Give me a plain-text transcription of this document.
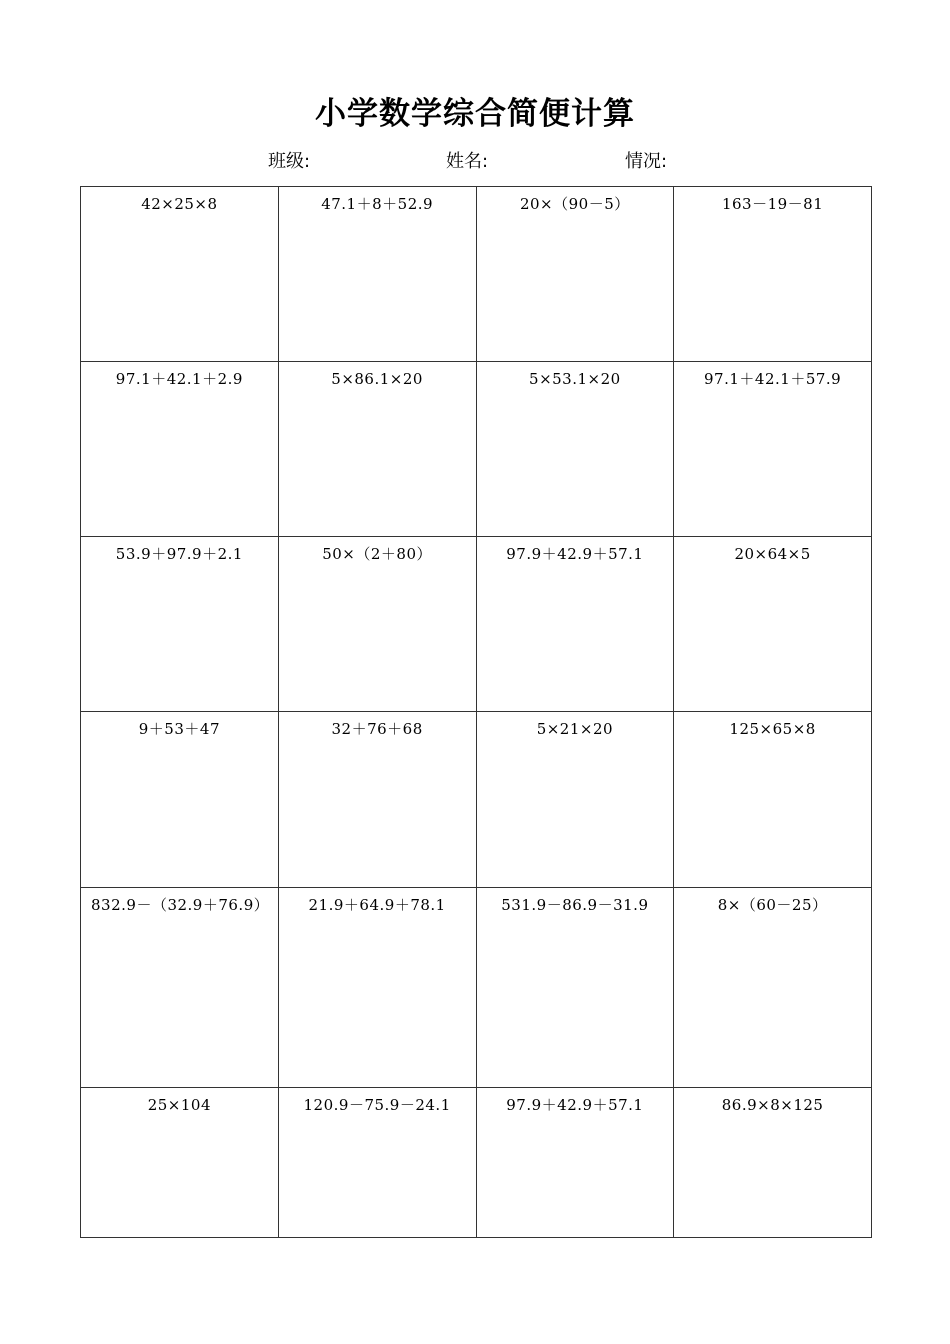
小学数学综合简便计算
班级:	姓名:	情况:
42×25×8	47.1＋8＋52.9	20×（90－5）	163－19－81
97.1＋42.1＋2.9	5×86.1×20	5×53.1×20	97.1＋42.1＋57.9
53.9＋97.9＋2.1	50×（2＋80）	97.9＋42.9＋57.1	20×64×5
9＋53＋47	32＋76＋68	5×21×20	125×65×8
832.9－（32.9＋76.9）	21.9＋64.9＋78.1	531.9－86.9－31.9	8×（60－25）
25×104	120.9－75.9－24.1	97.9＋42.9＋57.1	86.9×8×125
